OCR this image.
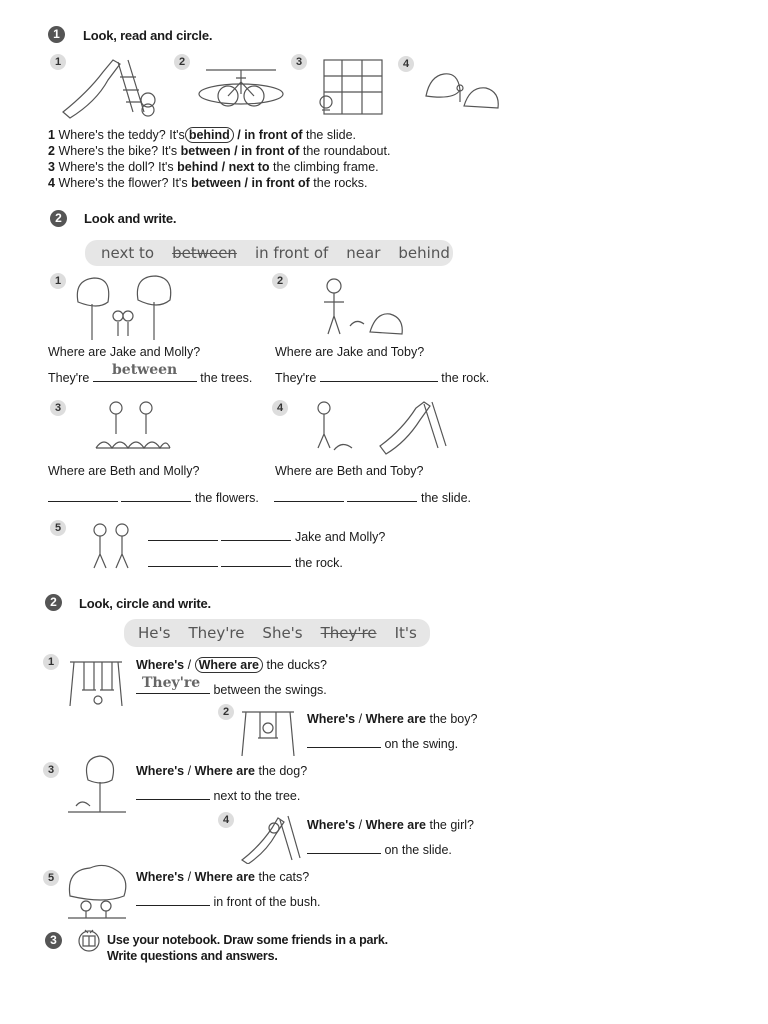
1	Look, read and circle.
1	2	3	4
1 Where's the teddy? It's behind / in front of the slide.
2 Where's the bike? It's between / in front of the roundabout.
3 Where's the doll? It's behind / next to the climbing frame.
4 Where's the flower? It's between / in front of the rocks.
2	Look and write.
next to between in front of near behind
1	2
Where are Jake and Molly?	Where are Jake and Toby?
They're	the trees.
between	They're	the rock.
3	4
Where are Beth and Molly?	Where are Beth and Toby?
the flowers.	the slide.
5
Jake and Molly?
the rock.
2	Look, circle and write.
He's They're She's They're It's
1	Where's / Where are the ducks?
between the swings.
They're
2	Where's / Where are the boy?
on the swing.
3	Where's / Where are the dog?
next to the tree.
4	Where's / Where are the girl?
on the slide.
5	Where's / Where are the cats?
in front of the bush.
3	Use your notebook. Draw some friends in a park.
Write questions and answers.
